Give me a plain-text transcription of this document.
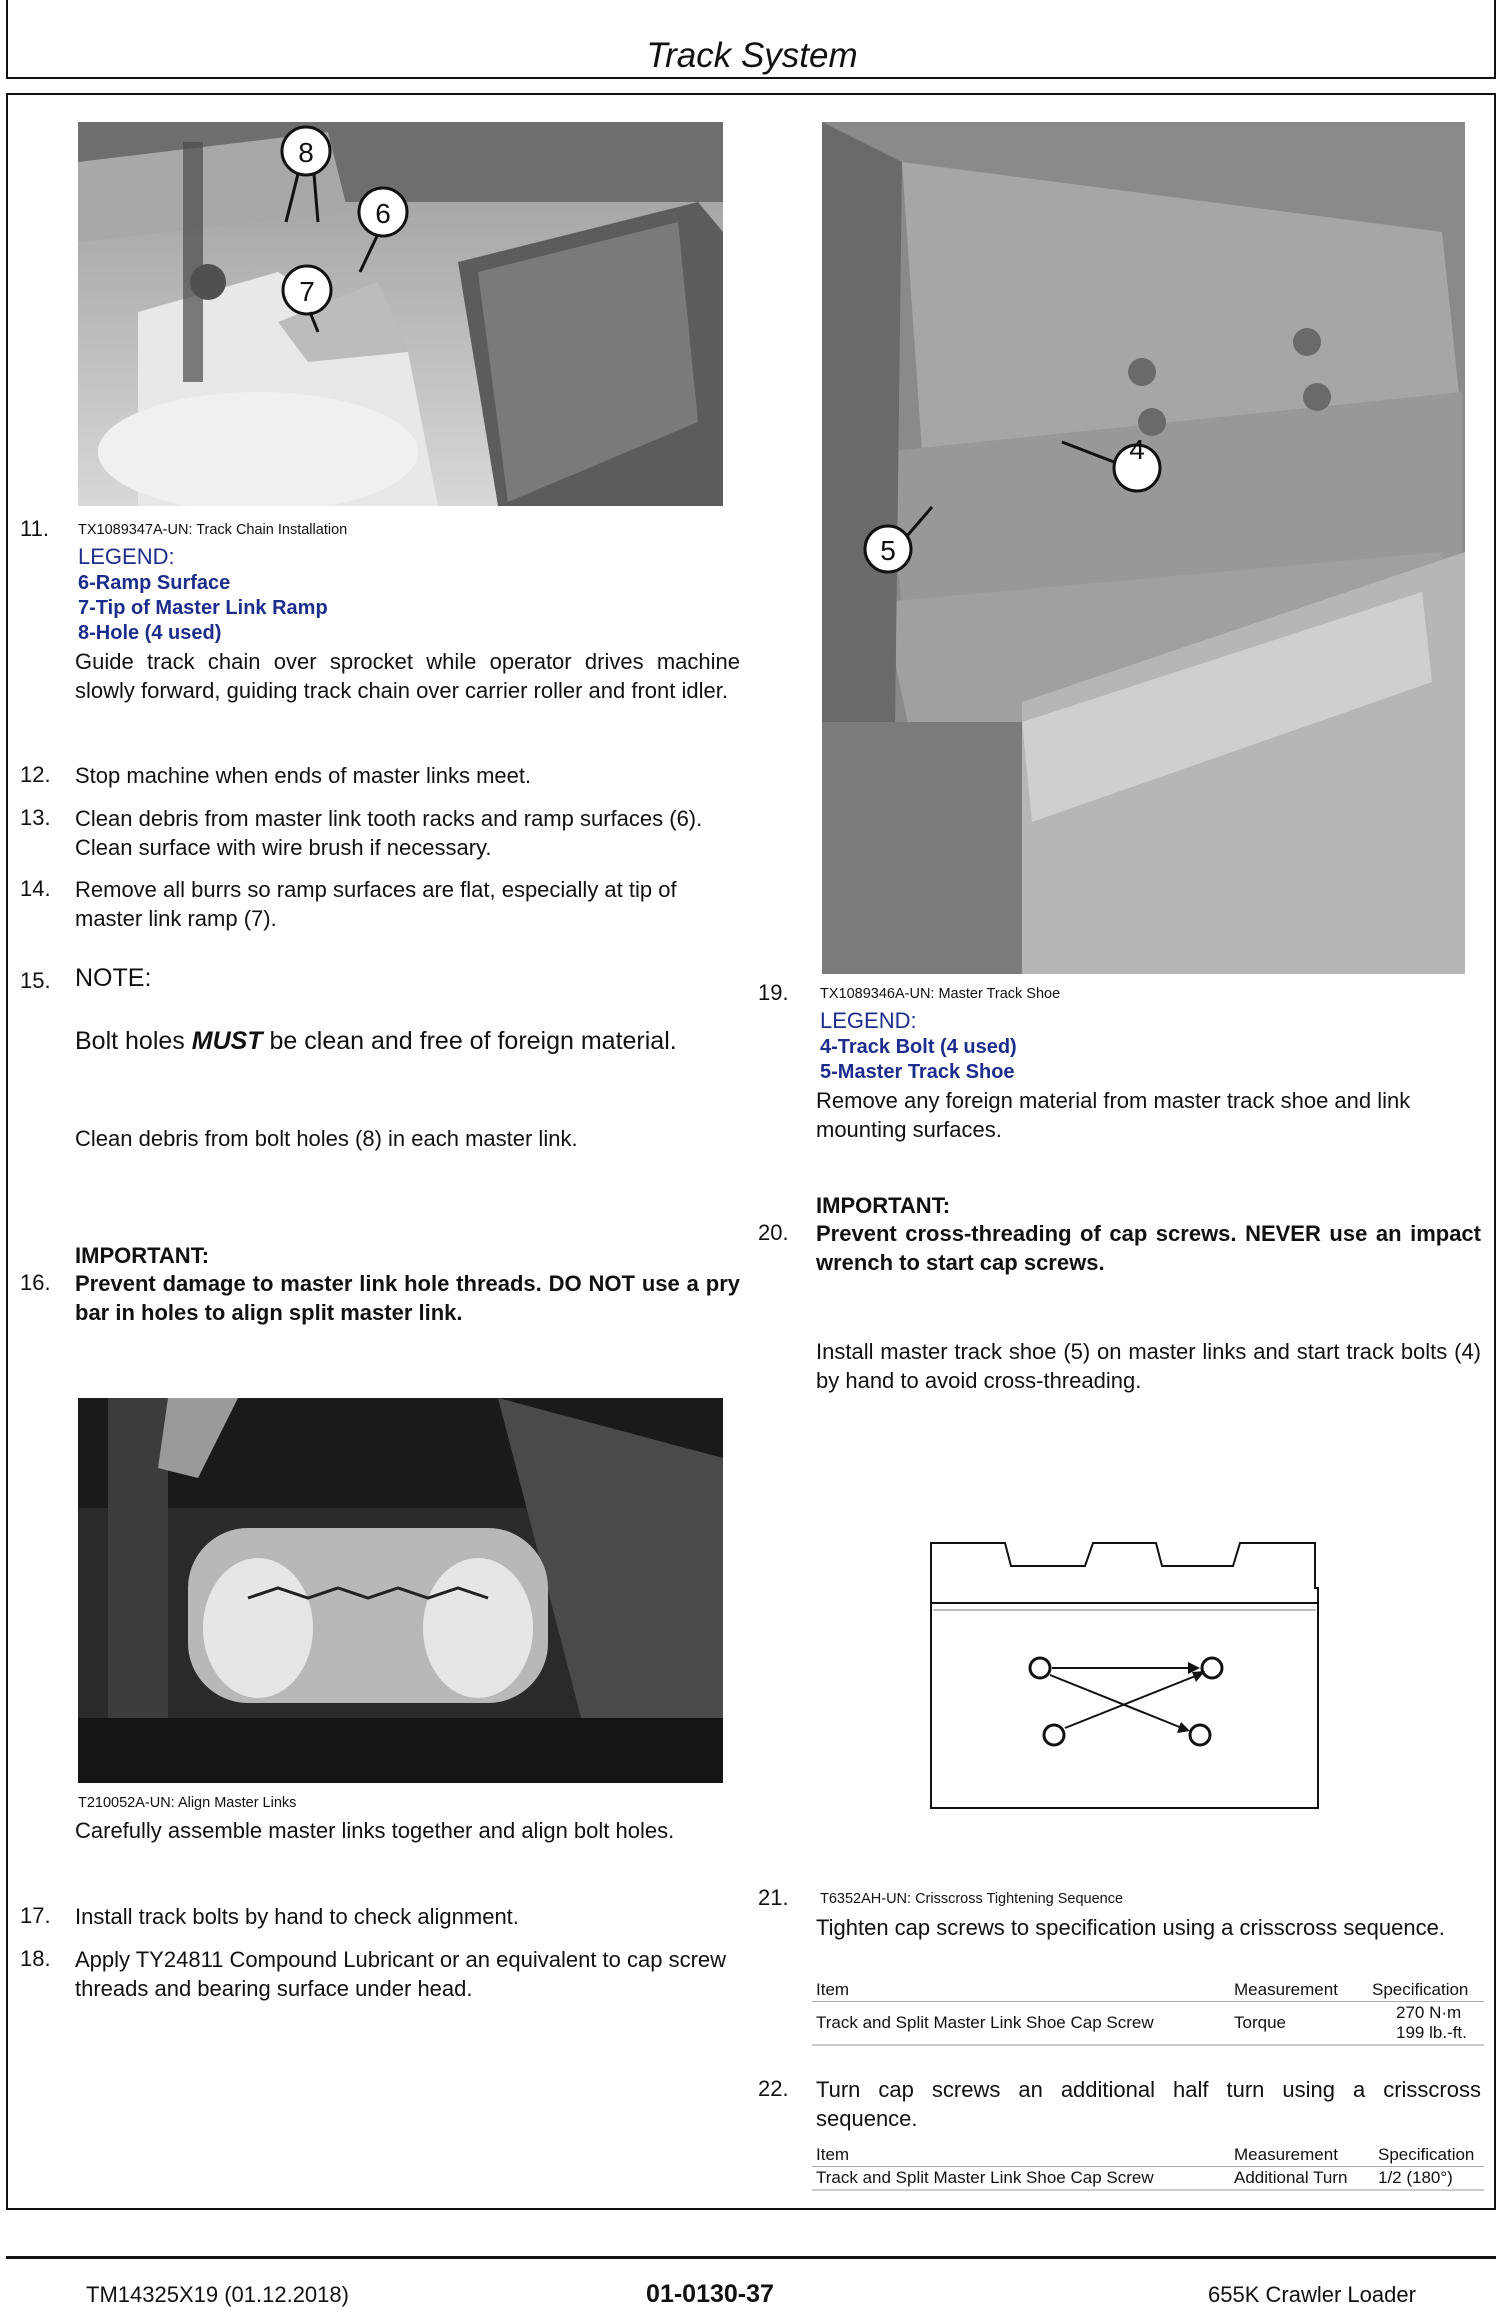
Track System
8
6
7
11. TX1089347A-UN: Track Chain Installation
LEGEND:
6-Ramp Surface
7-Tip of Master Link Ramp
8-Hole (4 used)
Guide track chain over sprocket while operator drives machine slowly forward, guiding track chain over carrier roller and front idler.
12. Stop machine when ends of master links meet.
13. Clean debris from master link tooth racks and ramp surfaces (6). Clean surface with wire brush if necessary.
14. Remove all burrs so ramp surfaces are flat, especially at tip of master link ramp (7).
15. NOTE:
Bolt holes MUST be clean and free of foreign material.
Clean debris from bolt holes (8) in each master link.
IMPORTANT:
16. Prevent damage to master link hole threads. DO NOT use a pry bar in holes to align split master link.
T210052A-UN: Align Master Links
Carefully assemble master links together and align bolt holes.
17. Install track bolts by hand to check alignment.
18. Apply TY24811 Compound Lubricant or an equivalent to cap screw threads and bearing surface under head.
4
5
19. TX1089346A-UN: Master Track Shoe
LEGEND:
4-Track Bolt (4 used)
5-Master Track Shoe
Remove any foreign material from master track shoe and link mounting surfaces.
IMPORTANT:
20. Prevent cross-threading of cap screws. NEVER use an impact wrench to start cap screws.
Install master track shoe (5) on master links and start track bolts (4) by hand to avoid cross-threading.
21. T6352AH-UN: Crisscross Tightening Sequence
Tighten cap screws to specification using a crisscross sequence.
Item	Measurement	Specification
Track and Split Master Link Shoe Cap Screw	Torque	270 N·m
199 lb.-ft.
22. Turn cap screws an additional half turn using a crisscross sequence.
Item	Measurement	Specification
Track and Split Master Link Shoe Cap Screw	Additional Turn	1/2 (180°)
TM14325X19 (01.12.2018)	01-0130-37	655K Crawler Loader
